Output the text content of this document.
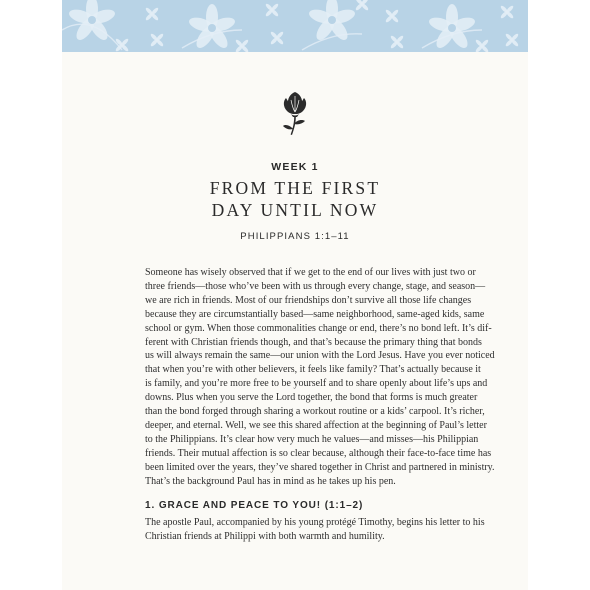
WEEK 1
FROM THE FIRST
DAY UNTIL NOW
PHILIPPIANS 1:1–11
Someone has wisely observed that if we get to the end of our lives with just two or
three friends—those who’ve been with us through every change, stage, and season—
we are rich in friends. Most of our friendships don’t survive all those life changes
because they are circumstantially based—same neighborhood, same-aged kids, same
school or gym. When those commonalities change or end, there’s no bond left. It’s dif-
ferent with Christian friends though, and that’s because the primary thing that bonds
us will always remain the same—our union with the Lord Jesus. Have you ever noticed
that when you’re with other believers, it feels like family? That’s actually because it
is family, and you’re more free to be yourself and to share openly about life’s ups and
downs. Plus when you serve the Lord together, the bond that forms is much greater
than the bond forged through sharing a workout routine or a kids’ carpool. It’s richer,
deeper, and eternal. Well, we see this shared affection at the beginning of Paul’s letter
to the Philippians. It’s clear how very much he values—and misses—his Philippian
friends. Their mutual affection is so clear because, although their face-to-face time has
been limited over the years, they’ve shared together in Christ and partnered in ministry.
That’s the background Paul has in mind as he takes up his pen.
1. GRACE AND PEACE TO YOU! (1:1–2)
The apostle Paul, accompanied by his young protégé Timothy, begins his letter to his
Christian friends at Philippi with both warmth and humility.
